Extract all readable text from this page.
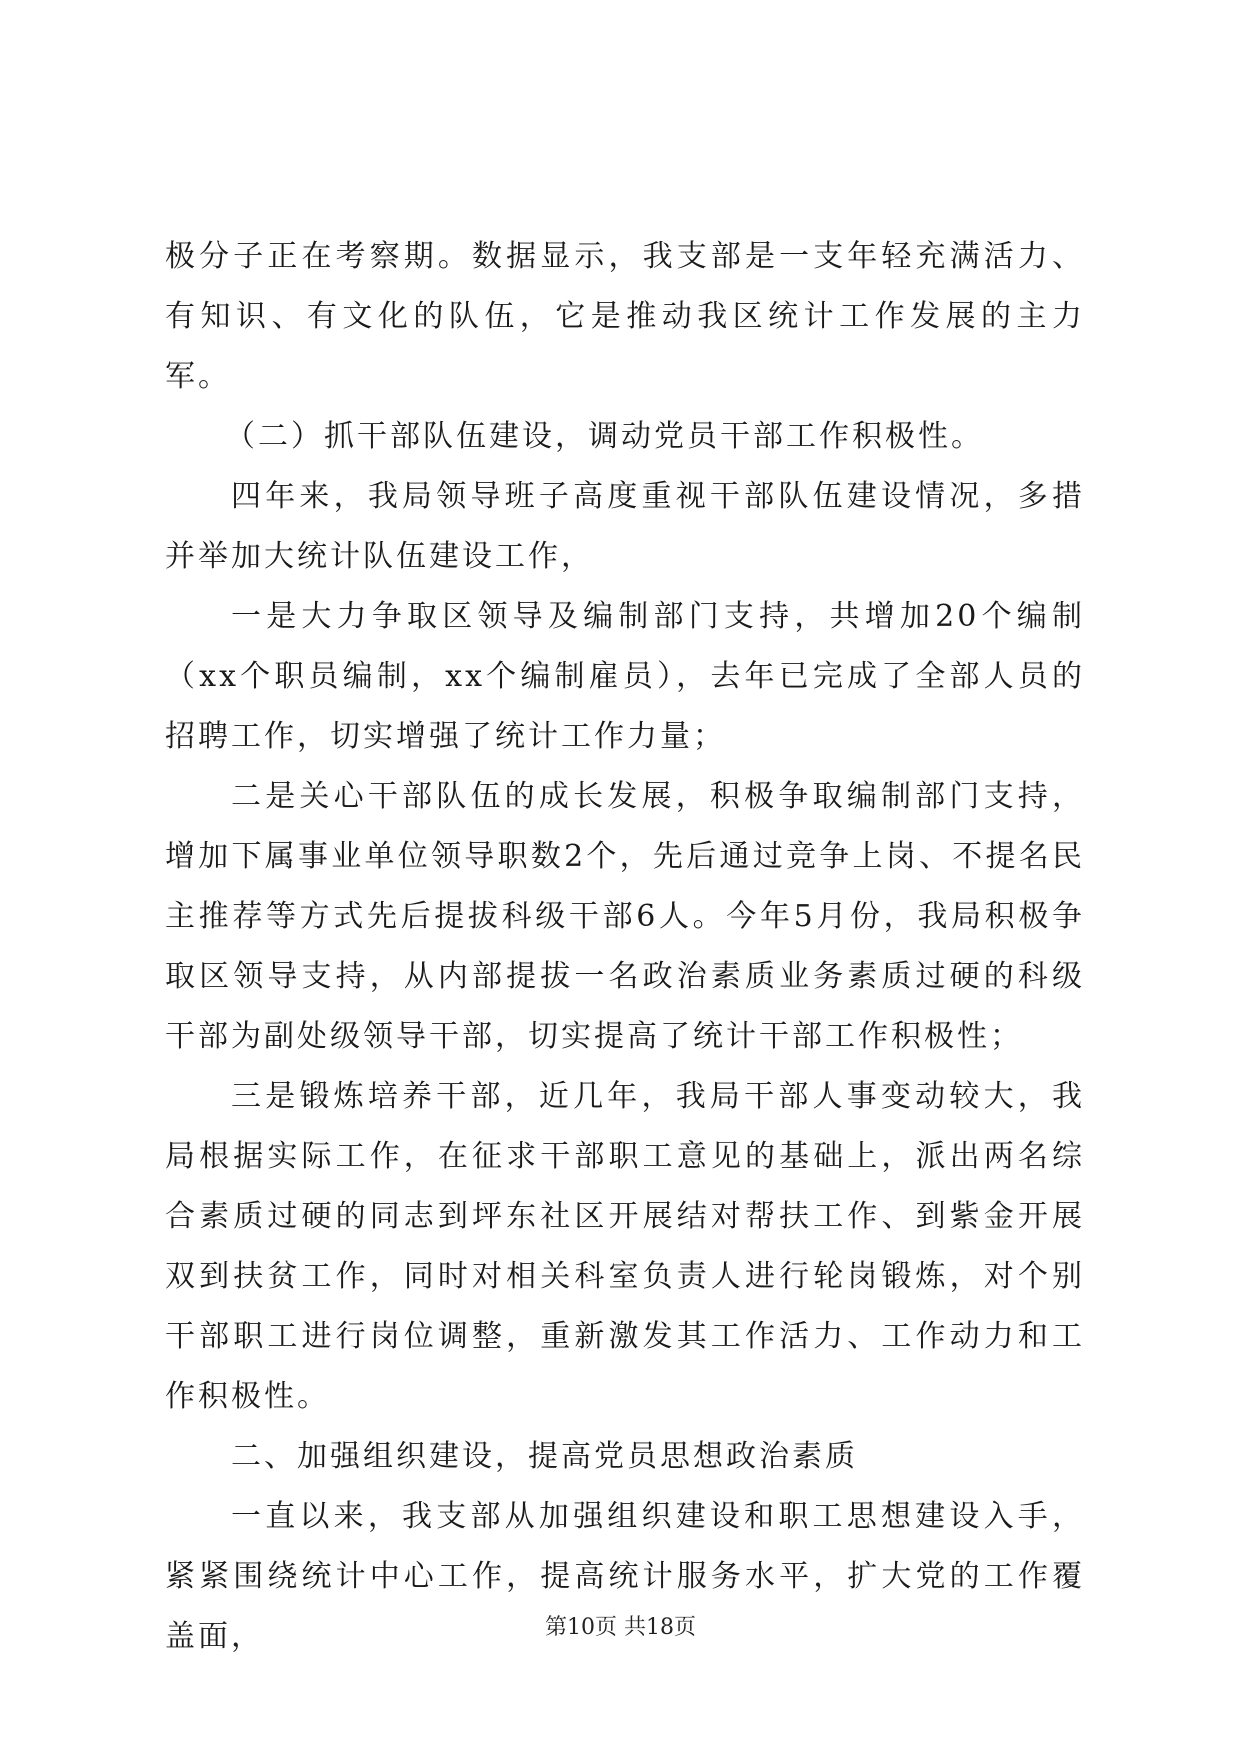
极分子正在考察期。数据显示，我支部是一支年轻充满活力、有知识、有文化的队伍，它是推动我区统计工作发展的主力军。

（二）抓干部队伍建设，调动党员干部工作积极性。

四年来，我局领导班子高度重视干部队伍建设情况，多措并举加大统计队伍建设工作，

一是大力争取区领导及编制部门支持，共增加20个编制（xx个职员编制，xx个编制雇员），去年已完成了全部人员的招聘工作，切实增强了统计工作力量；

二是关心干部队伍的成长发展，积极争取编制部门支持，增加下属事业单位领导职数2个，先后通过竞争上岗、不提名民主推荐等方式先后提拔科级干部6人。今年5月份，我局积极争取区领导支持，从内部提拔一名政治素质业务素质过硬的科级干部为副处级领导干部，切实提高了统计干部工作积极性；

三是锻炼培养干部，近几年，我局干部人事变动较大，我局根据实际工作，在征求干部职工意见的基础上，派出两名综合素质过硬的同志到坪东社区开展结对帮扶工作、到紫金开展双到扶贫工作，同时对相关科室负责人进行轮岗锻炼，对个别干部职工进行岗位调整，重新激发其工作活力、工作动力和工作积极性。

二、加强组织建设，提高党员思想政治素质

一直以来，我支部从加强组织建设和职工思想建设入手，紧紧围绕统计中心工作，提高统计服务水平，扩大党的工作覆盖面，	第10页 共18页
